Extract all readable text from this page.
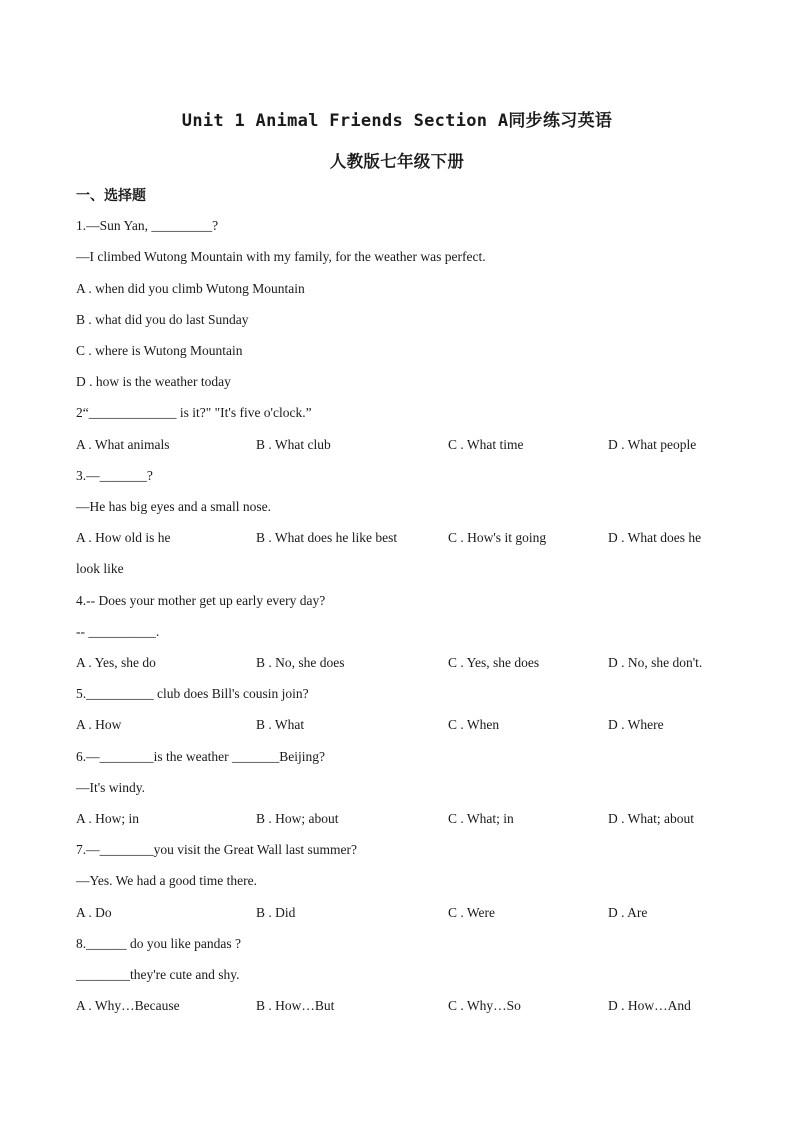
Unit 1 Animal Friends Section A同步练习英语
人教版七年级下册
一、选择题
1.—Sun Yan, _________?
—I climbed Wutong Mountain with my family, for the weather was perfect.
A . when did you climb Wutong Mountain
B . what did you do last Sunday
C . where is Wutong Mountain
D . how is the weather today
2“_____________ is it?" "It's five o'clock.”
A . What animals	B . What club	C . What time	D . What people
3.—_______?
—He has big eyes and a small nose.
A . How old is he	B . What does he like best	C . How's it going	D . What does he
look like
4.-- Does your mother get up early every day?
-- __________.
A . Yes, she do	B . No, she does	C . Yes, she does	D . No, she don't.
5.__________ club does Bill's cousin join?
A . How	B . What	C . When	D . Where
6.—________is the weather _______Beijing?
—It's windy.
A . How; in	B . How; about	C . What; in	D . What; about
7.—________you visit the Great Wall last summer?
—Yes. We had a good time there.
A . Do	B . Did	C . Were	D . Are
8.______ do you like pandas ?
________they're cute and shy.
A . Why…Because	B . How…But	C . Why…So	D . How…And
